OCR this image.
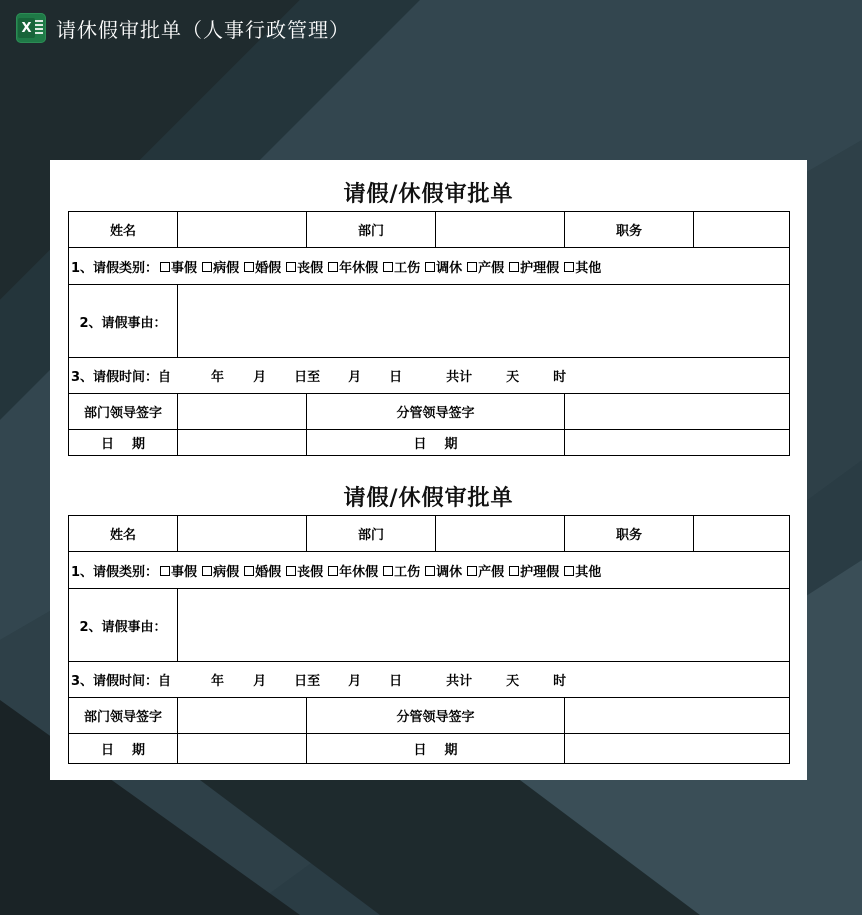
X 请休假审批单（人事行政管理）
请假/休假审批单
姓名		部门		职务	
1、请假类别： 事假 病假 婚假 丧假 年休假 工伤 调休 产假 护理假 其他					
2、请假事由：					
3、请假时间：自 年 月 日至 月 日 共计 天 时					
部门领导签字		分管领导签字			
日    期		日    期			
请假/休假审批单
姓名		部门		职务	
1、请假类别： 事假 病假 婚假 丧假 年休假 工伤 调休 产假 护理假 其他					
2、请假事由：					
3、请假时间：自 年 月 日至 月 日 共计 天 时					
部门领导签字		分管领导签字			
日    期		日    期			
